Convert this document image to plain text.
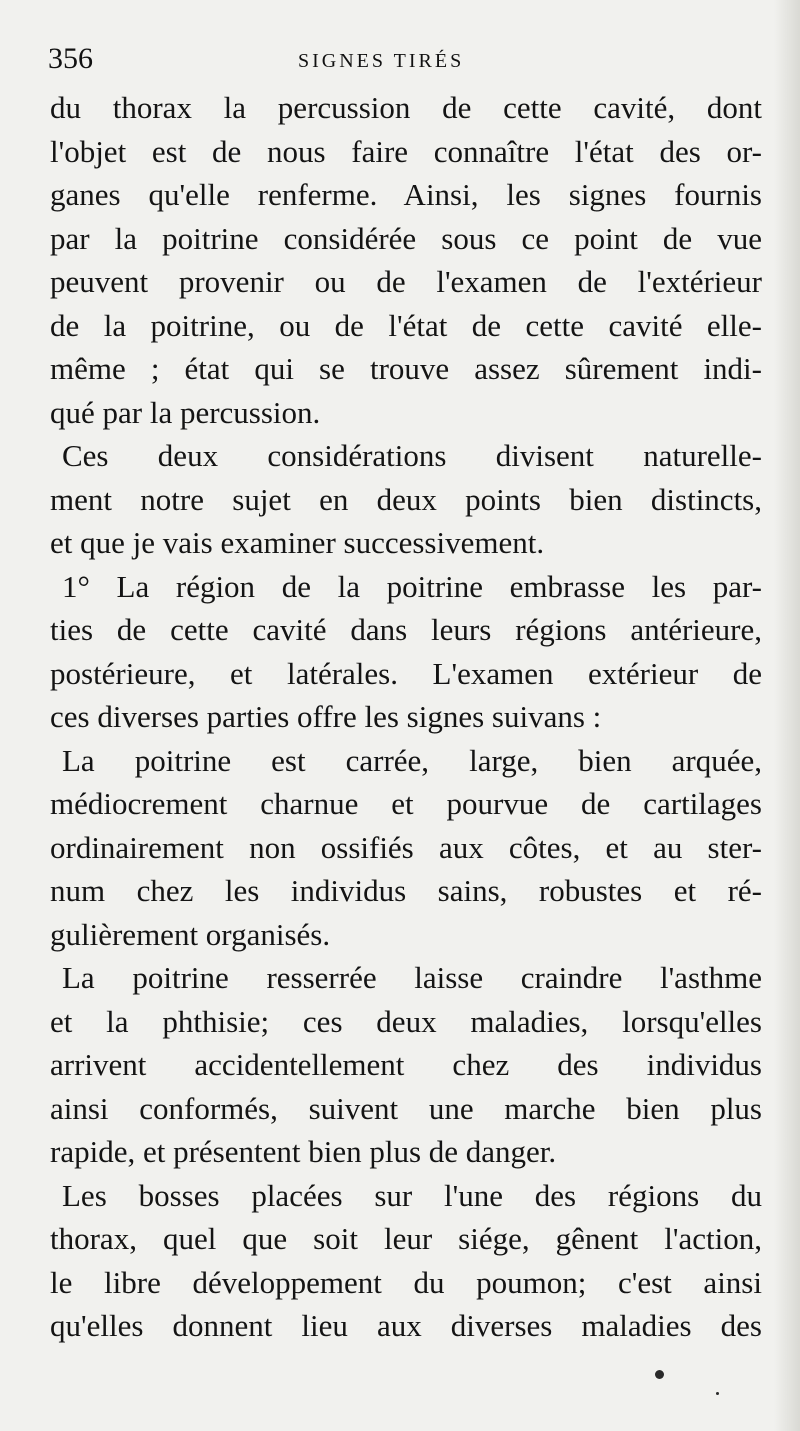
356	SIGNES TIRÉS
du thorax la percussion de cette cavité, dont
l'objet est de nous faire connaître l'état des or-
ganes qu'elle renferme. Ainsi, les signes fournis
par la poitrine considérée sous ce point de vue
peuvent provenir ou de l'examen de l'extérieur
de la poitrine, ou de l'état de cette cavité elle-
même ; état qui se trouve assez sûrement indi-
qué par la percussion.
Ces deux considérations divisent naturelle-
ment notre sujet en deux points bien distincts,
et que je vais examiner successivement.
1° La région de la poitrine embrasse les par-
ties de cette cavité dans leurs régions antérieure,
postérieure, et latérales. L'examen extérieur de
ces diverses parties offre les signes suivans :
La poitrine est carrée, large, bien arquée,
médiocrement charnue et pourvue de cartilages
ordinairement non ossifiés aux côtes, et au ster-
num chez les individus sains, robustes et ré-
gulièrement organisés.
La poitrine resserrée laisse craindre l'asthme
et la phthisie; ces deux maladies, lorsqu'elles
arrivent accidentellement chez des individus
ainsi conformés, suivent une marche bien plus
rapide, et présentent bien plus de danger.
Les bosses placées sur l'une des régions du
thorax, quel que soit leur siége, gênent l'action,
le libre développement du poumon; c'est ainsi
qu'elles donnent lieu aux diverses maladies des
